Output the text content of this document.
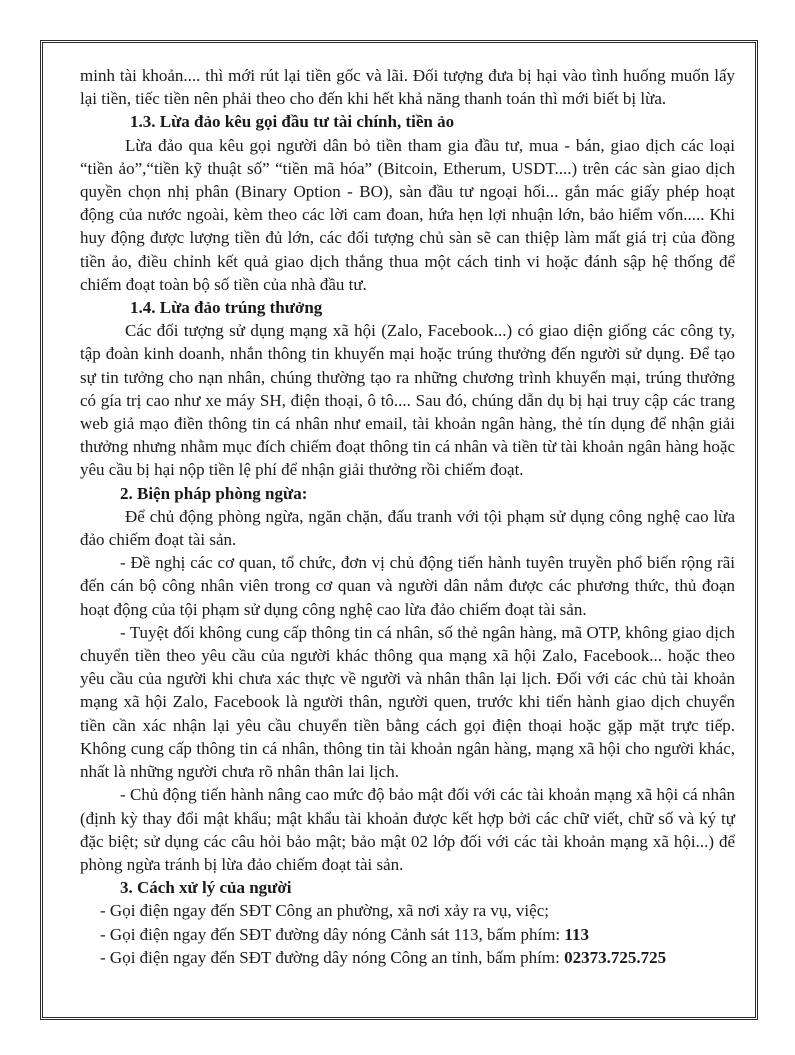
minh tài khoản.... thì mới rút lại tiền gốc và lãi. Đối tượng đưa bị hại vào tình huống muốn lấy lại tiền, tiếc tiền nên phải theo cho đến khi hết khả năng thanh toán thì mới biết bị lừa.

1.3. Lừa đảo kêu gọi đầu tư tài chính, tiền ảo

Lừa đảo qua kêu gọi người dân bỏ tiền tham gia đầu tư, mua - bán, giao dịch các loại “tiền ảo”,“tiền kỹ thuật số” “tiền mã hóa” (Bitcoin, Etherum, USDT....) trên các sàn giao dịch quyền chọn nhị phân (Binary Option - BO), sàn đầu tư ngoại hối... gắn mác giấy phép hoạt động của nước ngoài, kèm theo các lời cam đoan, hứa hẹn lợi nhuận lớn, bảo hiểm vốn..... Khi huy động được lượng tiền đủ lớn, các đối tượng chủ sàn sẽ can thiệp làm mất giá trị của đồng tiền ảo, điều chỉnh kết quả giao dịch thắng thua một cách tinh vi hoặc đánh sập hệ thống để chiếm đoạt toàn bộ số tiền của nhà đầu tư.

1.4. Lừa đảo trúng thưởng

Các đối tượng sử dụng mạng xã hội (Zalo, Facebook...) có giao diện giống các công ty, tập đoàn kinh doanh, nhắn thông tin khuyến mại hoặc trúng thưởng đến người sử dụng. Để tạo sự tin tưởng cho nạn nhân, chúng thường tạo ra những chương trình khuyến mại, trúng thưởng có gía trị cao như xe máy SH, điện thoại, ô tô.... Sau đó, chúng dẫn dụ bị hại truy cập các trang web giả mạo điền thông tin cá nhân như email, tài khoản ngân hàng, thẻ tín dụng để nhận giải thưởng nhưng nhằm mục đích chiếm đoạt thông tin cá nhân và tiền từ tài khoản ngân hàng hoặc yêu cầu bị hại nộp tiền lệ phí để nhận giải thưởng rồi chiếm đoạt.

2. Biện pháp phòng ngừa:

Để chủ động phòng ngừa, ngăn chặn, đấu tranh với tội phạm sử dụng công nghệ cao lừa đảo chiếm đoạt tài sản.

- Đề nghị các cơ quan, tổ chức, đơn vị chủ động tiến hành tuyên truyền phổ biến rộng rãi đến cán bộ công nhân viên trong cơ quan và người dân nắm được các phương thức, thủ đoạn hoạt động của tội phạm sử dụng công nghệ cao lừa đảo chiếm đoạt tài sản.

- Tuyệt đối không cung cấp thông tin cá nhân, số thẻ ngân hàng, mã OTP, không giao dịch chuyển tiền theo yêu cầu của người khác thông qua mạng xã hội Zalo, Facebook... hoặc theo yêu cầu của người khi chưa xác thực về người và nhân thân lại lịch. Đối với các chủ tài khoản mạng xã hội Zalo, Facebook là người thân, người quen, trước khi tiến hành giao dịch chuyển tiền cần xác nhận lại yêu cầu chuyển tiền bằng cách gọi điện thoại hoặc gặp mặt trực tiếp. Không cung cấp thông tin cá nhân, thông tin tài khoản ngân hàng, mạng xã hội cho người khác, nhất là những người chưa rõ nhân thân lai lịch.

- Chủ động tiến hành nâng cao mức độ bảo mật đối với các tài khoản mạng xã hội cá nhân (định kỳ thay đổi mật khẩu; mật khẩu tài khoản được kết hợp bởi các chữ viết, chữ số và ký tự đặc biệt; sử dụng các câu hỏi bảo mật; bảo mật 02 lớp đối với các tài khoản mạng xã hội...) để phòng ngừa tránh bị lừa đảo chiếm đoạt tài sản.

3. Cách xử lý của người

- Gọi điện ngay đến SĐT Công an phường, xã nơi xảy ra vụ, việc;

- Gọi điện ngay đến SĐT đường dây nóng Cảnh sát 113, bấm phím: 113

- Gọi điện ngay đến SĐT đường dây nóng Công an tỉnh, bấm phím: 02373.725.725
